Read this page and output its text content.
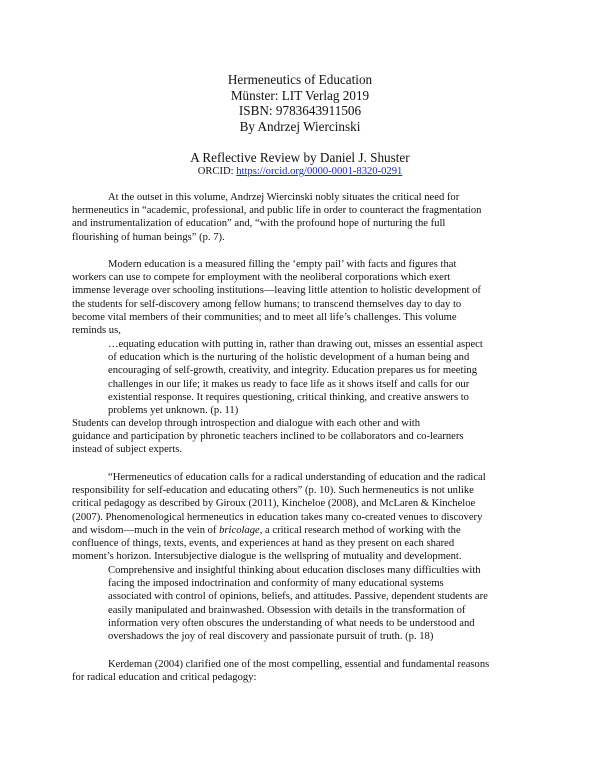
Hermeneutics of Education
Münster: LIT Verlag 2019
ISBN: 9783643911506
By Andrzej Wiercinski
A Reflective Review by Daniel J. Shuster
ORCID: https://orcid.org/0000-0001-8320-0291
At the outset in this volume, Andrzej Wiercinski nobly situates the critical need for
hermeneutics in “academic, professional, and public life in order to counteract the fragmentation
and instrumentalization of education” and, “with the profound hope of nurturing the full
flourishing of human beings” (p. 7).
Modern education is a measured filling the ‘empty pail’ with facts and figures that
workers can use to compete for employment with the neoliberal corporations which exert
immense leverage over schooling institutions—leaving little attention to holistic development of
the students for self-discovery among fellow humans; to transcend themselves day to day to
become vital members of their communities; and to meet all life’s challenges. This volume
reminds us,
…equating education with putting in, rather than drawing out, misses an essential aspect
of education which is the nurturing of the holistic development of a human being and
encouraging of self-growth, creativity, and integrity. Education prepares us for meeting
challenges in our life; it makes us ready to face life as it shows itself and calls for our
existential response. It requires questioning, critical thinking, and creative answers to
problems yet unknown. (p. 11)
Students can develop through introspection and dialogue with each other and with
guidance and participation by phronetic teachers inclined to be collaborators and co-learners
instead of subject experts.
“Hermeneutics of education calls for a radical understanding of education and the radical
responsibility for self-education and educating others” (p. 10). Such hermeneutics is not unlike
critical pedagogy as described by Giroux (2011), Kincheloe (2008), and McLaren & Kincheloe
(2007). Phenomenological hermeneutics in education takes many co-created venues to discovery
and wisdom—much in the vein of bricolage, a critical research method of working with the
confluence of things, texts, events, and experiences at hand as they present on each shared
moment’s horizon. Intersubjective dialogue is the wellspring of mutuality and development.
Comprehensive and insightful thinking about education discloses many difficulties with
facing the imposed indoctrination and conformity of many educational systems
associated with control of opinions, beliefs, and attitudes. Passive, dependent students are
easily manipulated and brainwashed. Obsession with details in the transformation of
information very often obscures the understanding of what needs to be understood and
overshadows the joy of real discovery and passionate pursuit of truth. (p. 18)
Kerdeman (2004) clarified one of the most compelling, essential and fundamental reasons
for radical education and critical pedagogy:
